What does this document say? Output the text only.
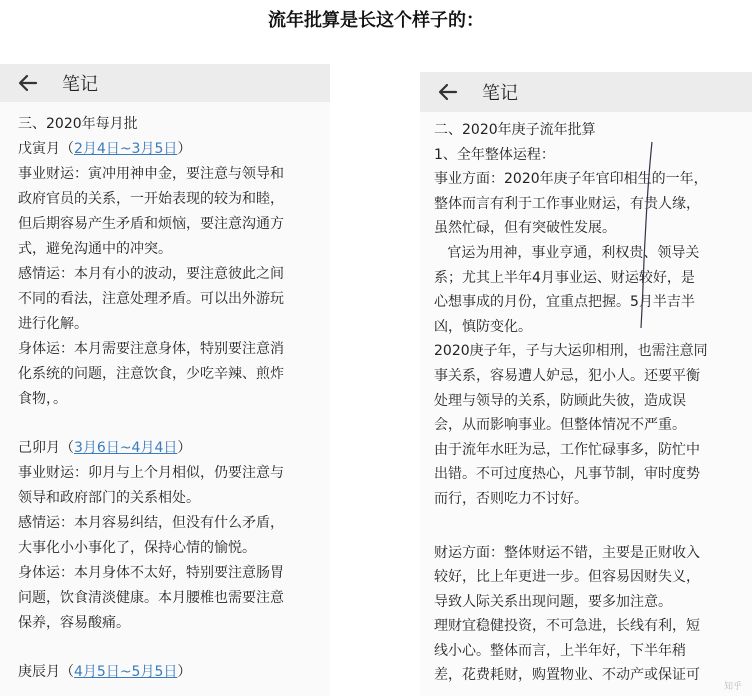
流年批算是长这个样子的：
笔记
三、2020年每月批
戊寅月（2月4日~3月5日）
事业财运：寅冲用神申金，要注意与领导和
政府官员的关系，一开始表现的较为和睦，
但后期容易产生矛盾和烦恼，要注意沟通方
式，避免沟通中的冲突。
感情运：本月有小的波动，要注意彼此之间
不同的看法，注意处理矛盾。可以出外游玩
进行化解。
身体运：本月需要注意身体，特别要注意消
化系统的问题，注意饮食，少吃辛辣、煎炸
食物，。
己卯月（3月6日~4月4日）
事业财运：卯月与上个月相似，仍要注意与
领导和政府部门的关系相处。
感情运：本月容易纠结，但没有什么矛盾，
大事化小小事化了，保持心情的愉悦。
身体运：本月身体不太好，特别要注意肠胃
问题，饮食清淡健康。本月腰椎也需要注意
保养，容易酸痛。
庚辰月（4月5日~5月5日）
笔记
二、2020年庚子流年批算
1、全年整体运程：
事业方面：2020年庚子年官印相生的一年，
整体而言有利于工作事业财运，有贵人缘，
虽然忙碌，但有突破性发展。
官运为用神，事业亨通，利权贵、领导关
系；尤其上半年4月事业运、财运较好，是
心想事成的月份，宜重点把握。5月半吉半
凶，慎防变化。
2020庚子年，子与大运卯相刑，也需注意同
事关系，容易遭人妒忌，犯小人。还要平衡
处理与领导的关系，防顾此失彼，造成误
会，从而影响事业。但整体情况不严重。
由于流年水旺为忌，工作忙碌事多，防忙中
出错。不可过度热心，凡事节制，审时度势
而行，否则吃力不讨好。
财运方面：整体财运不错，主要是正财收入
较好，比上年更进一步。但容易因财失义，
导致人际关系出现问题，要多加注意。
理财宜稳健投资，不可急进，长线有利，短
线小心。整体而言，上半年好，下半年稍
差，花费耗财，购置物业、不动产或保证可
知乎
